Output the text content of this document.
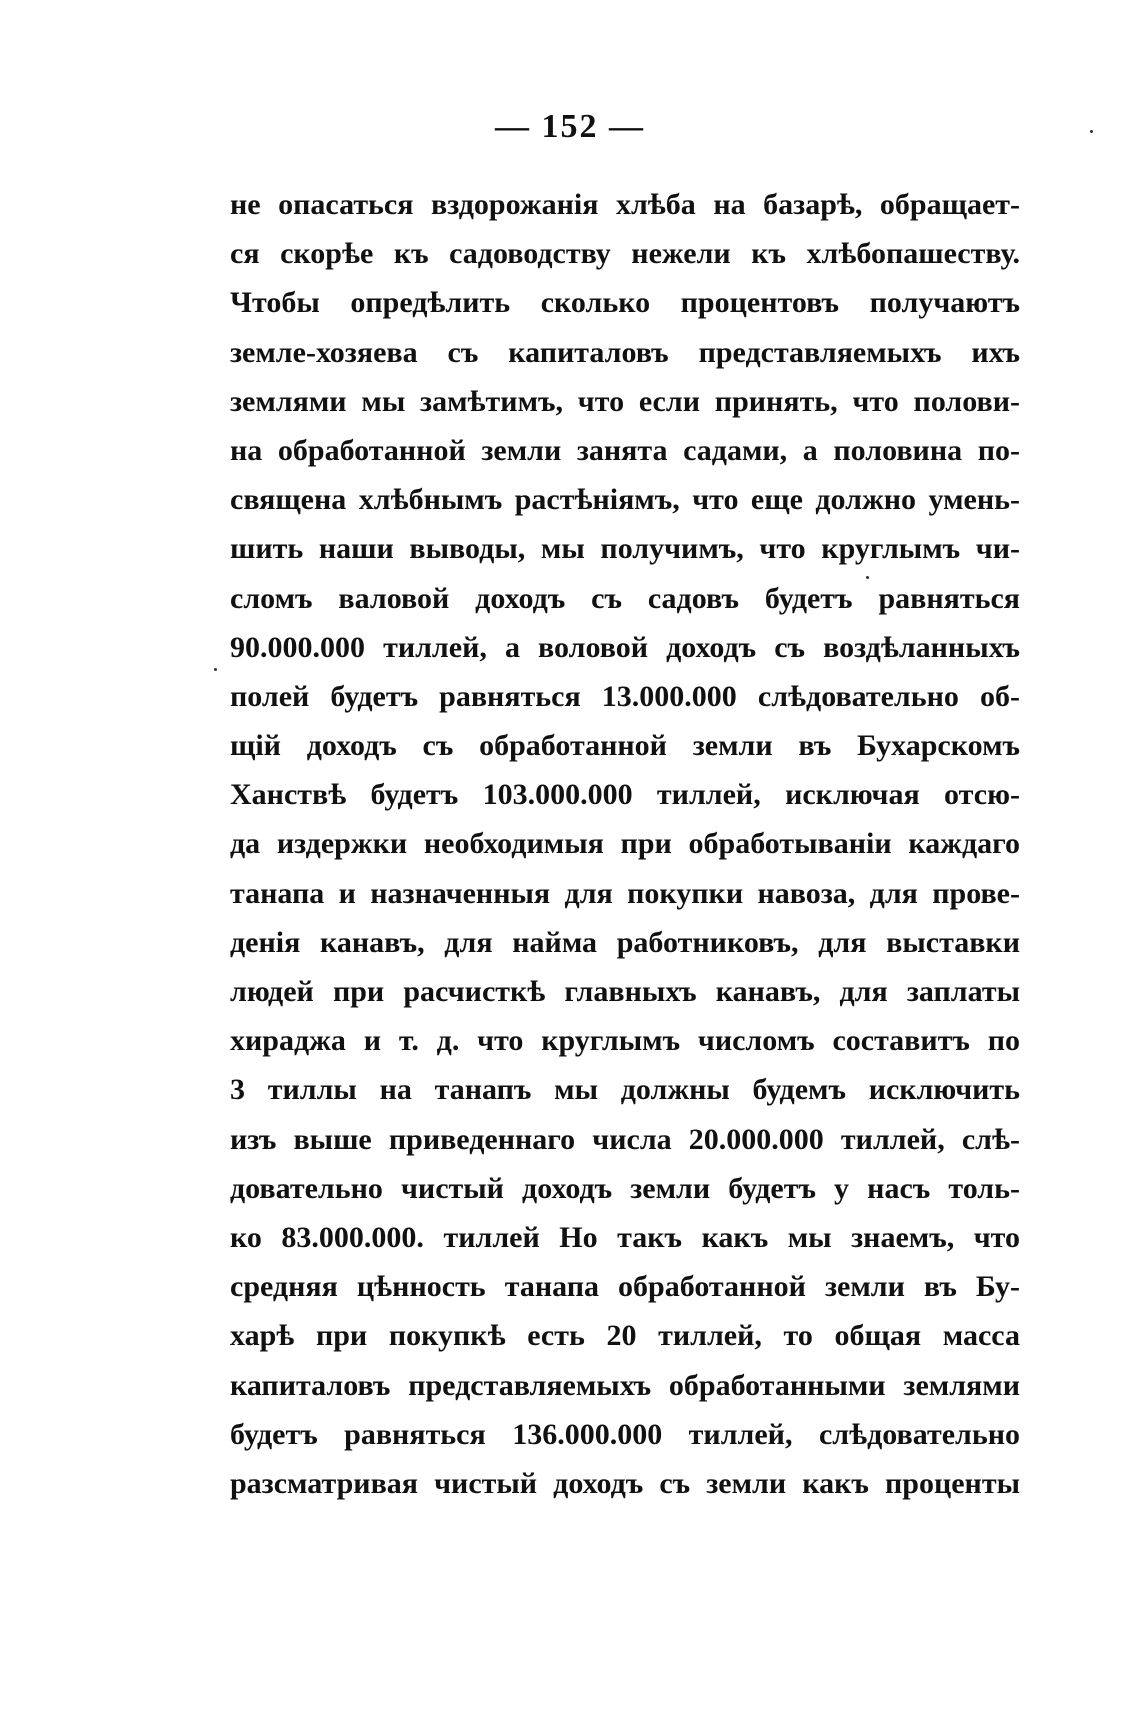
— 152 —
не опасаться вздорожанія хлѣба на базарѣ, обращает-
ся скорѣе къ садоводству нежели къ хлѣбопашеству.
Чтобы опредѣлить сколько процентовъ получаютъ
земле-хозяева съ капиталовъ представляемыхъ ихъ
землями мы замѣтимъ, что если принять, что полови-
на обработанной земли занята садами, а половина по-
священа хлѣбнымъ растѣніямъ, что еще должно умень-
шить наши выводы, мы получимъ, что круглымъ чи-
сломъ валовой доходъ съ садовъ будетъ равняться
90.000.000 тиллей, а воловой доходъ съ воздѣланныхъ
полей будетъ равняться 13.000.000 слѣдовательно об-
щій доходъ съ обработанной земли въ Бухарскомъ
Ханствѣ будетъ 103.000.000 тиллей, исключая отсю-
да издержки необходимыя при обработываніи каждаго
танапа и назначенныя для покупки навоза, для прове-
денія канавъ, для найма работниковъ, для выставки
людей при расчисткѣ главныхъ канавъ, для заплаты
хираджа и т. д. что круглымъ числомъ составитъ по
3 тиллы на танапъ мы должны будемъ исключить
изъ выше приведеннаго числа 20.000.000 тиллей, слѣ-
довательно чистый доходъ земли будетъ у насъ толь-
ко 83.000.000. тиллей Но такъ какъ мы знаемъ, что
средняя цѣнность танапа обработанной земли въ Бу-
харѣ при покупкѣ есть 20 тиллей, то общая масса
капиталовъ представляемыхъ обработанными землями
будетъ равняться 136.000.000 тиллей, слѣдовательно
разсматривая чистый доходъ съ земли какъ проценты
